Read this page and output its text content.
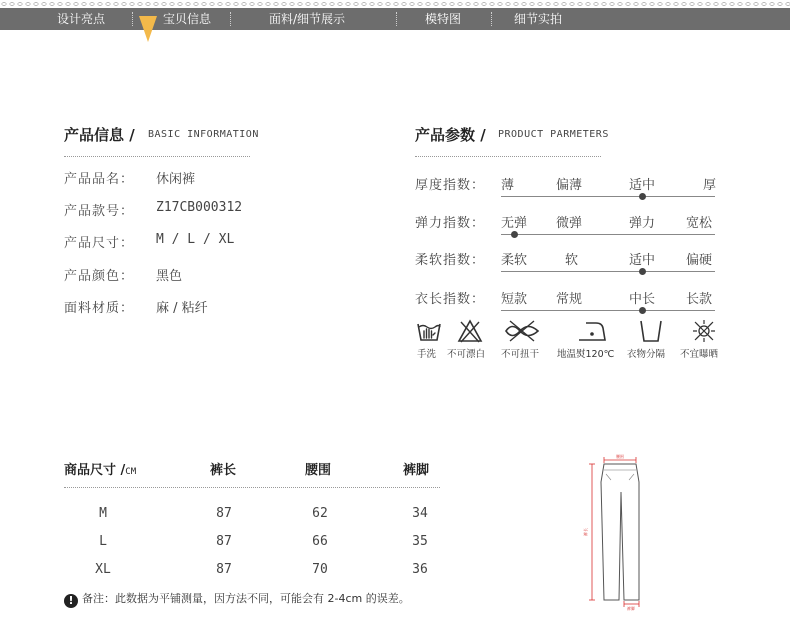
设计亮点	宝贝信息	面料/细节展示	模特图	细节实拍
产品信息 / BASIC INFORMATION
产品品名： 休闲裤
产品款号： Z17CB000312
产品尺寸： M / L / XL
产品颜色： 黑色
面料材质： 麻 / 粘纤
产品参数 / PRODUCT PARMETERS
厚度指数： 薄	偏薄	适中	厚
弹力指数： 无弹 微弹	弹力 宽松
柔软指数： 柔软	软	适中 偏硬
衣长指数： 短款 常规	中长 长款
手洗 不可漂白 不可扭干 地温熨120℃ 衣物分隔 不宜曝晒
商品尺寸 /CM	裤长	腰围	裤脚
M	87	62	34
L	87	66	35
XL	87	70	36
! 备注：此数据为平铺测量，因方法不同，可能会有 2-4cm 的误差。
腰围
裤长
裤脚
